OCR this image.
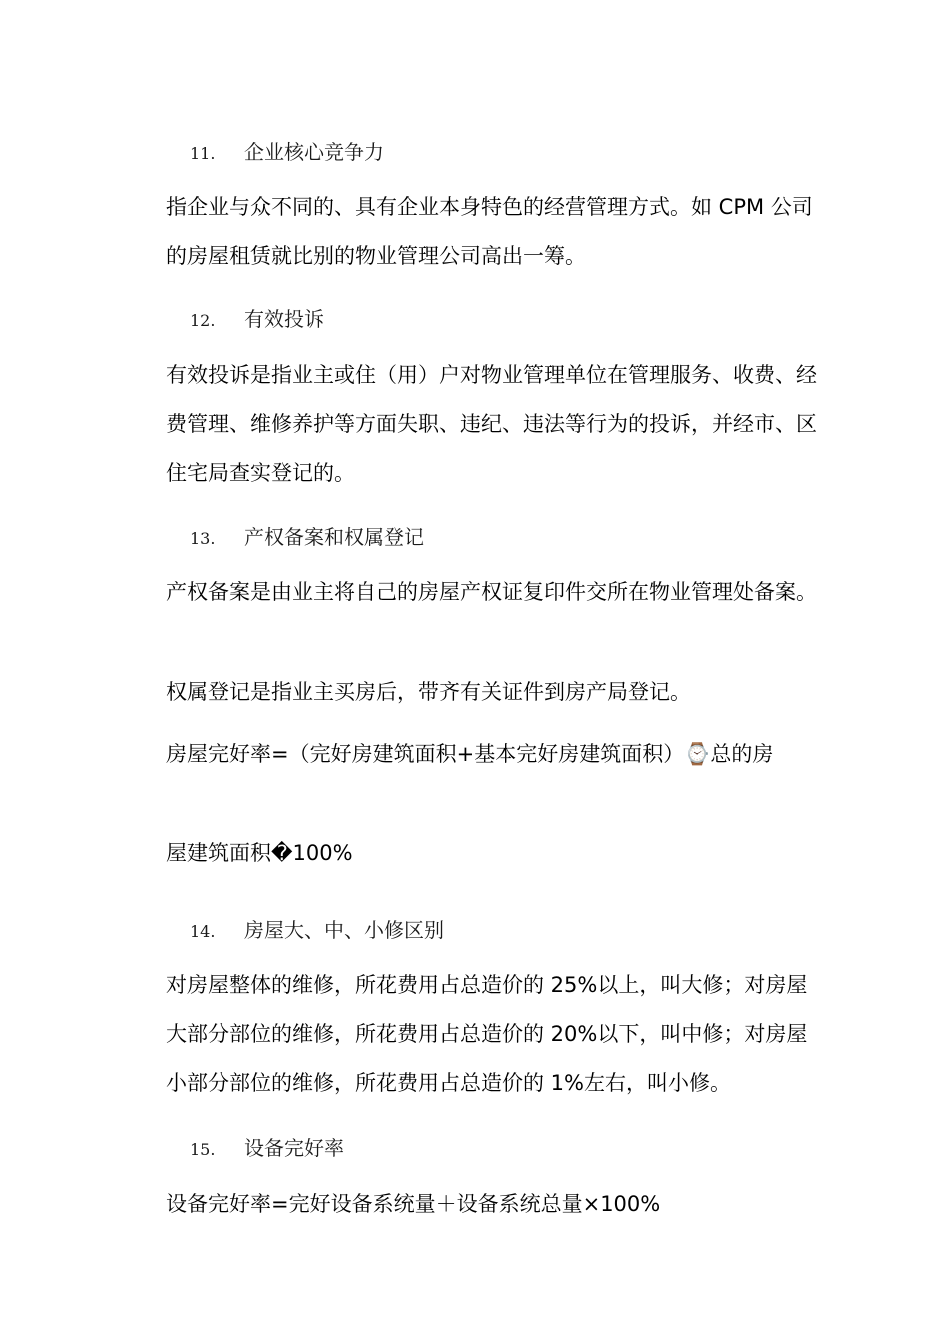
11. 企业核心竞争力
指企业与众不同的、具有企业本身特色的经营管理方式。如 CPM 公司的房屋租赁就比别的物业管理公司高出一筹。
12. 有效投诉
有效投诉是指业主或住（用）户对物业管理单位在管理服务、收费、经费管理、维修养护等方面失职、违纪、违法等行为的投诉，并经市、区住宅局查实登记的。
13. 产权备案和权属登记
产权备案是由业主将自己的房屋产权证复印件交所在物业管理处备案。
权属登记是指业主买房后，带齐有关证件到房产局登记。
房屋完好率=（完好房建筑面积+基本完好房建筑面积）⌚总的房
屋建筑面积�100%
14. 房屋大、中、小修区别
对房屋整体的维修，所花费用占总造价的 25%以上，叫大修；对房屋大部分部位的维修，所花费用占总造价的 20%以下，叫中修；对房屋小部分部位的维修，所花费用占总造价的 1%左右，叫小修。
15. 设备完好率
设备完好率=完好设备系统量＋设备系统总量×100%
